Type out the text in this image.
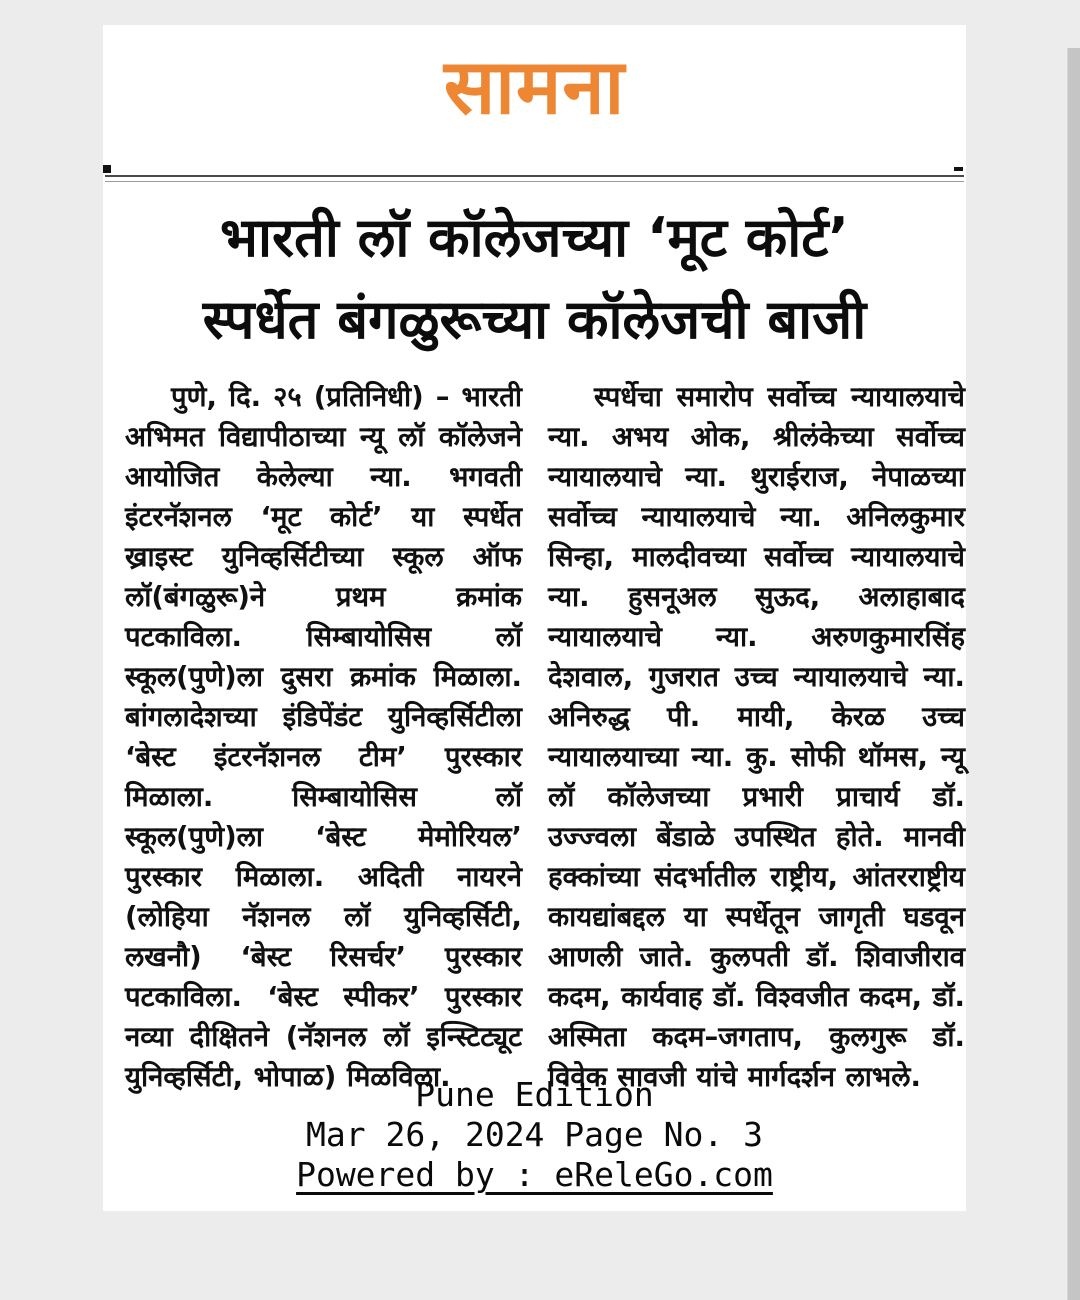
सामना
भारती लॉ कॉलेजच्या ‘मूट कोर्ट’
स्पर्धेत बंगळुरूच्या कॉलेजची बाजी

पुणे, दि. २५ (प्रतिनिधी) – भारती अभिमत विद्यापीठाच्या न्यू लॉ कॉलेजने आयोजित केलेल्या न्या. भगवती इंटरनॅशनल ‘मूट कोर्ट’ या स्पर्धेत ख्राइस्ट युनिव्हर्सिटीच्या स्कूल ऑफ लॉ(बंगळुरू)ने प्रथम क्रमांक पटकाविला. सिम्बायोसिस लॉ स्कूल(पुणे)ला दुसरा क्रमांक मिळाला. बांगलादेशच्या इंडिपेंडंट युनिव्हर्सिटीला ‘बेस्ट इंटरनॅशनल टीम’ पुरस्कार मिळाला. सिम्बायोसिस लॉ स्कूल(पुणे)ला ‘बेस्ट मेमोरियल’ पुरस्कार मिळाला. अदिती नायरने (लोहिया नॅशनल लॉ युनिव्हर्सिटी, लखनौ) ‘बेस्ट रिसर्चर’ पुरस्कार पटकाविला. ‘बेस्ट स्पीकर’ पुरस्कार नव्या दीक्षितने (नॅशनल लॉ इन्स्टिट्यूट युनिव्हर्सिटी, भोपाळ) मिळविला.

स्पर्धेचा समारोप सर्वोच्च न्यायालयाचे न्या. अभय ओक, श्रीलंकेच्या सर्वोच्च न्यायालयाचे न्या. थुराईराज, नेपाळच्या सर्वोच्च न्यायालयाचे न्या. अनिलकुमार सिन्हा, मालदीवच्या सर्वोच्च न्यायालयाचे न्या. हुसनूअल सुऊद, अलाहाबाद न्यायालयाचे न्या. अरुणकुमारसिंह देशवाल, गुजरात उच्च न्यायालयाचे न्या. अनिरुद्ध पी. मायी, केरळ उच्च न्यायालयाच्या न्या. कु. सोफी थॉमस, न्यू लॉ कॉलेजच्या प्रभारी प्राचार्य डॉ. उज्ज्वला बेंडाळे उपस्थित होते. मानवी हक्कांच्या संदर्भातील राष्ट्रीय, आंतरराष्ट्रीय कायद्यांबद्दल या स्पर्धेतून जागृती घडवून आणली जाते. कुलपती डॉ. शिवाजीराव कदम, कार्यवाह डॉ. विश्वजीत कदम, डॉ. अस्मिता कदम–जगताप, कुलगुरू डॉ. विवेक सावजी यांचे मार्गदर्शन लाभले.

Pune Edition
Mar 26, 2024 Page No. 3
Powered by : eReleGo.com
